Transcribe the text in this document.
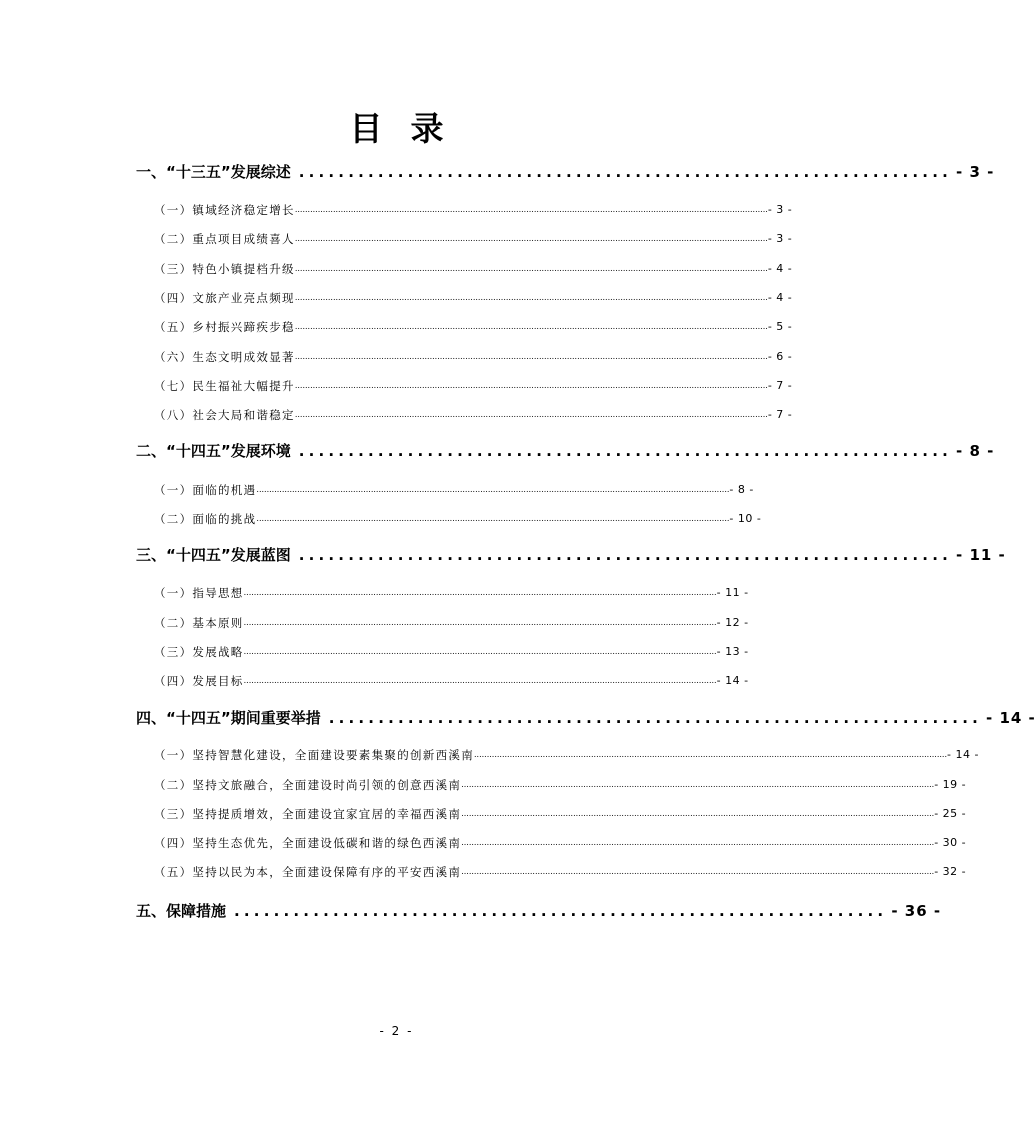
目录
一、“十三五”发展综述 .................................................................. - 3 -
（一）镇域经济稳定增长 .......................................................................................................................................................................................... - 3 -
（二）重点项目成绩喜人 .......................................................................................................................................................................................... - 3 -
（三）特色小镇提档升级 .......................................................................................................................................................................................... - 4 -
（四）文旅产业亮点频现 .......................................................................................................................................................................................... - 4 -
（五）乡村振兴蹄疾步稳 .......................................................................................................................................................................................... - 5 -
（六）生态文明成效显著 .......................................................................................................................................................................................... - 6 -
（七）民生福祉大幅提升 .......................................................................................................................................................................................... - 7 -
（八）社会大局和谐稳定 .......................................................................................................................................................................................... - 7 -
二、“十四五”发展环境 .................................................................. - 8 -
（一）面临的机遇 .......................................................................................................................................................................................... - 8 -
（二）面临的挑战 .......................................................................................................................................................................................... - 10 -
三、“十四五”发展蓝图 .................................................................. - 11 -
（一）指导思想 .......................................................................................................................................................................................... - 11 -
（二）基本原则 .......................................................................................................................................................................................... - 12 -
（三）发展战略 .......................................................................................................................................................................................... - 13 -
（四）发展目标 .......................................................................................................................................................................................... - 14 -
四、“十四五”期间重要举措 .................................................................. - 14 -
（一）坚持智慧化建设，全面建设要素集聚的创新西溪南 .......................................................................................................................................................................................... - 14 -
（二）坚持文旅融合，全面建设时尚引领的创意西溪南 .......................................................................................................................................................................................... - 19 -
（三）坚持提质增效，全面建设宜家宜居的幸福西溪南 .......................................................................................................................................................................................... - 25 -
（四）坚持生态优先，全面建设低碳和谐的绿色西溪南 .......................................................................................................................................................................................... - 30 -
（五）坚持以民为本，全面建设保障有序的平安西溪南 .......................................................................................................................................................................................... - 32 -
五、保障措施 .................................................................. - 36 -
- 2 -
